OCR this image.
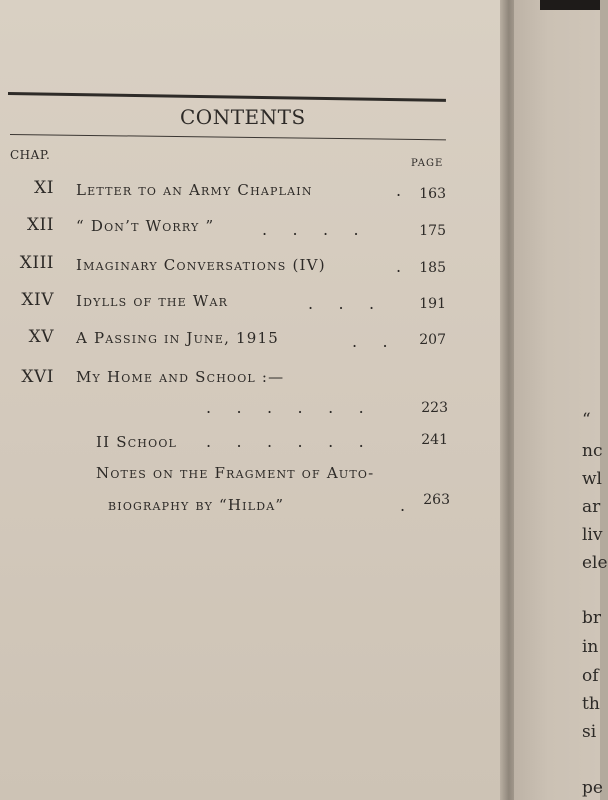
CONTENTS
CHAP.
PAGE
XI Letter to an Army Chaplain	.	163
XII “ Don’t Worry ”	.     .     .     .	175
XIII Imaginary Conversations (IV)	.	185
XIV Idylls of the War	.     .     .	191
XV A Passing in June, 1915	.     .	207
XVI My Home and School :—
.     .     .     .     .     .	223
II School .     .     .     .     .     .	241
Notes on the Fragment of Auto-
biography by “Hilda”	.	263
“
nc
wl
ar
liv
ele
br
in
of
th
si
pe
